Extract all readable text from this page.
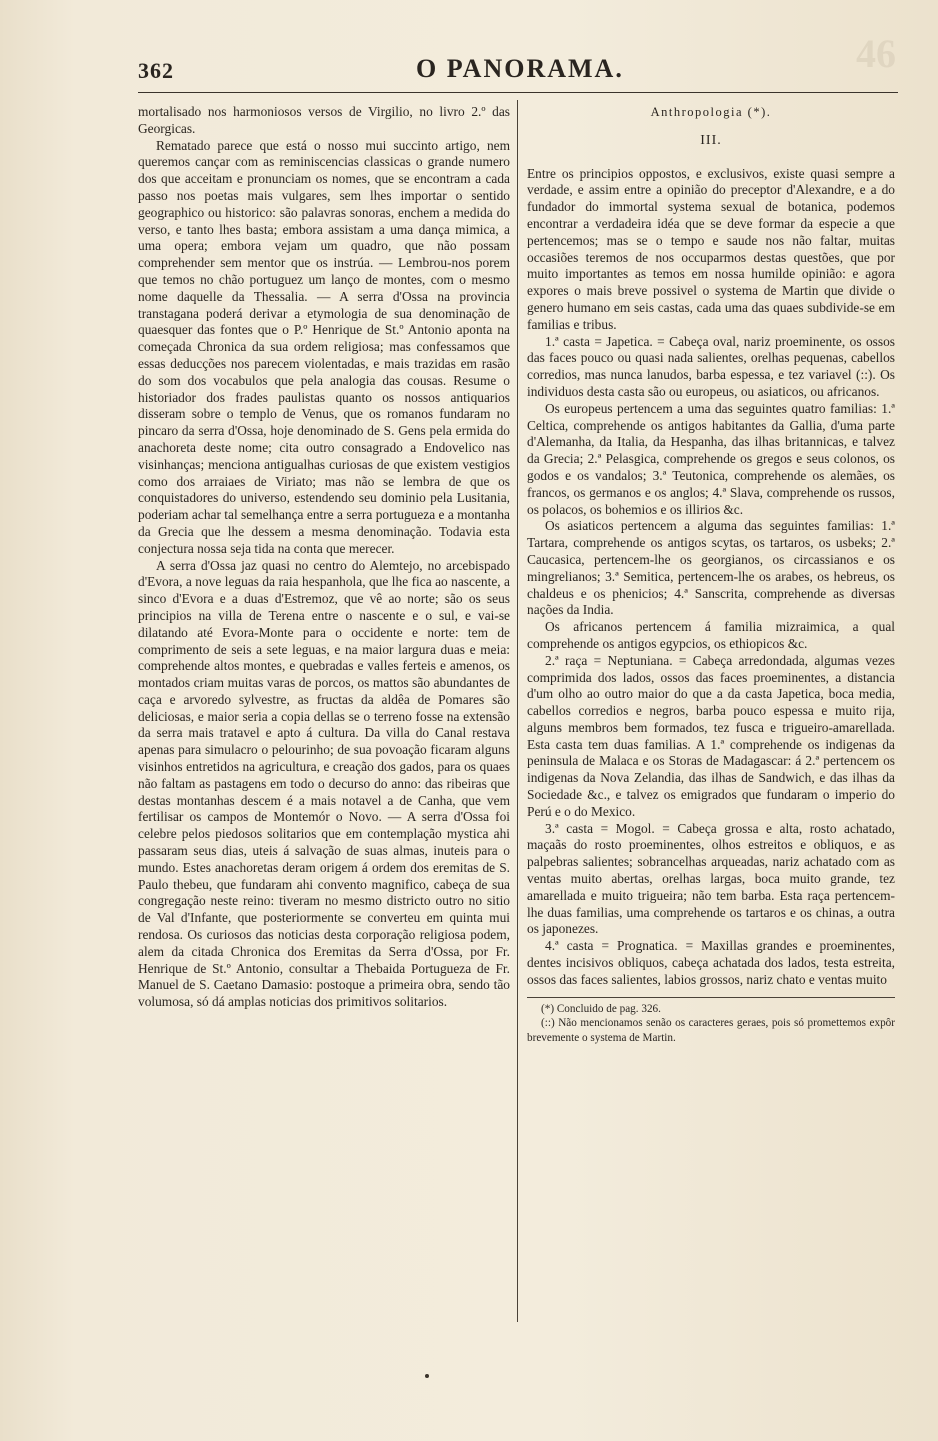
46
362	O PANORAMA.

mortalisado nos harmoniosos versos de Virgilio, no livro 2.º das Georgicas.

Rematado parece que está o nosso mui succinto artigo, nem queremos cançar com as reminiscencias classicas o grande numero dos que acceitam e pronunciam os nomes, que se encontram a cada passo nos poetas mais vulgares, sem lhes importar o sentido geographico ou historico: são palavras sonoras, enchem a medida do verso, e tanto lhes basta; embora assistam a uma dança mimica, a uma opera; embora vejam um quadro, que não possam comprehender sem mentor que os instrúa. — Lembrou-nos porem que temos no chão portuguez um lanço de montes, com o mesmo nome daquelle da Thessalia. — A serra d'Ossa na provincia transtagana poderá derivar a etymologia de sua denominação de quaesquer das fontes que o P.º Henrique de St.º Antonio aponta na começada Chronica da sua ordem religiosa; mas confessamos que essas deducções nos parecem violentadas, e mais trazidas em rasão do som dos vocabulos que pela analogia das cousas. Resume o historiador dos frades paulistas quanto os nossos antiquarios disseram sobre o templo de Venus, que os romanos fundaram no pincaro da serra d'Ossa, hoje denominado de S. Gens pela ermida do anachoreta deste nome; cita outro consagrado a Endovelico nas visinhanças; menciona antigualhas curiosas de que existem vestigios como dos arraiaes de Viriato; mas não se lembra de que os conquistadores do universo, estendendo seu dominio pela Lusitania, poderiam achar tal semelhança entre a serra portugueza e a montanha da Grecia que lhe dessem a mesma denominação. Todavia esta conjectura nossa seja tida na conta que merecer.

A serra d'Ossa jaz quasi no centro do Alemtejo, no arcebispado d'Evora, a nove leguas da raia hespanhola, que lhe fica ao nascente, a sinco d'Evora e a duas d'Estremoz, que vê ao norte; são os seus principios na villa de Terena entre o nascente e o sul, e vai-se dilatando até Evora-Monte para o occidente e norte: tem de comprimento de seis a sete leguas, e na maior largura duas e meia: comprehende altos montes, e quebradas e valles ferteis e amenos, os montados criam muitas varas de porcos, os mattos são abundantes de caça e arvoredo sylvestre, as fructas da aldêa de Pomares são deliciosas, e maior seria a copia dellas se o terreno fosse na extensão da serra mais tratavel e apto á cultura. Da villa do Canal restava apenas para simulacro o pelourinho; de sua povoação ficaram alguns visinhos entretidos na agricultura, e creação dos gados, para os quaes não faltam as pastagens em todo o decurso do anno: das ribeiras que destas montanhas descem é a mais notavel a de Canha, que vem fertilisar os campos de Montemór o Novo. — A serra d'Ossa foi celebre pelos piedosos solitarios que em contemplação mystica ahi passaram seus dias, uteis á salvação de suas almas, inuteis para o mundo. Estes anachoretas deram origem á ordem dos eremitas de S. Paulo thebeu, que fundaram ahi convento magnifico, cabeça de sua congregação neste reino: tiveram no mesmo districto outro no sitio de Val d'Infante, que posteriormente se converteu em quinta mui rendosa. Os curiosos das noticias desta corporação religiosa podem, alem da citada Chronica dos Eremitas da Serra d'Ossa, por Fr. Henrique de St.º Antonio, consultar a Thebaida Portugueza de Fr. Manuel de S. Caetano Damasio: postoque a primeira obra, sendo tão volumosa, só dá amplas noticias dos primitivos solitarios.

Anthropologia (*).
III.

Entre os principios oppostos, e exclusivos, existe quasi sempre a verdade, e assim entre a opinião do preceptor d'Alexandre, e a do fundador do immortal systema sexual de botanica, podemos encontrar a verdadeira idéa que se deve formar da especie a que pertencemos; mas se o tempo e saude nos não faltar, muitas occasiões teremos de nos occuparmos destas questões, que por muito importantes as temos em nossa humilde opinião: e agora expores o mais breve possivel o systema de Martin que divide o genero humano em seis castas, cada uma das quaes subdivide-se em familias e tribus.

1.ª casta = Japetica. = Cabeça oval, nariz proeminente, os ossos das faces pouco ou quasi nada salientes, orelhas pequenas, cabellos corredios, mas nunca lanudos, barba espessa, e tez variavel (::). Os individuos desta casta são ou europeus, ou asiaticos, ou africanos.

Os europeus pertencem a uma das seguintes quatro familias: 1.ª Celtica, comprehende os antigos habitantes da Gallia, d'uma parte d'Alemanha, da Italia, da Hespanha, das ilhas britannicas, e talvez da Grecia; 2.ª Pelasgica, comprehende os gregos e seus colonos, os godos e os vandalos; 3.ª Teutonica, comprehende os alemães, os francos, os germanos e os anglos; 4.ª Slava, comprehende os russos, os polacos, os bohemios e os illirios &c.

Os asiaticos pertencem a alguma das seguintes familias: 1.ª Tartara, comprehende os antigos scytas, os tartaros, os usbeks; 2.ª Caucasica, pertencem-lhe os georgianos, os circassianos e os mingrelianos; 3.ª Semitica, pertencem-lhe os arabes, os hebreus, os chaldeus e os phenicios; 4.ª Sanscrita, comprehende as diversas nações da India.

Os africanos pertencem á familia mizraimica, a qual comprehende os antigos egypcios, os ethiopicos &c.

2.ª raça = Neptuniana. = Cabeça arredondada, algumas vezes comprimida dos lados, ossos das faces proeminentes, a distancia d'um olho ao outro maior do que a da casta Japetica, boca media, cabellos corredios e negros, barba pouco espessa e muito rija, alguns membros bem formados, tez fusca e trigueiro-amarellada. Esta casta tem duas familias. A 1.ª comprehende os indigenas da peninsula de Malaca e os Storas de Madagascar: á 2.ª pertencem os indigenas da Nova Zelandia, das ilhas de Sandwich, e das ilhas da Sociedade &c., e talvez os emigrados que fundaram o imperio do Perú e o do Mexico.

3.ª casta = Mogol. = Cabeça grossa e alta, rosto achatado, maçaãs do rosto proeminentes, olhos estreitos e obliquos, e as palpebras salientes; sobrancelhas arqueadas, nariz achatado com as ventas muito abertas, orelhas largas, boca muito grande, tez amarellada e muito trigueira; não tem barba. Esta raça pertencem-lhe duas familias, uma comprehende os tartaros e os chinas, a outra os japonezes.

4.ª casta = Prognatica. = Maxillas grandes e proeminentes, dentes incisivos obliquos, cabeça achatada dos lados, testa estreita, ossos das faces salientes, labios grossos, nariz chato e ventas muito

(*) Concluido de pag. 326.

(::) Não mencionamos senão os caracteres geraes, pois só promettemos expôr brevemente o systema de Martin.
